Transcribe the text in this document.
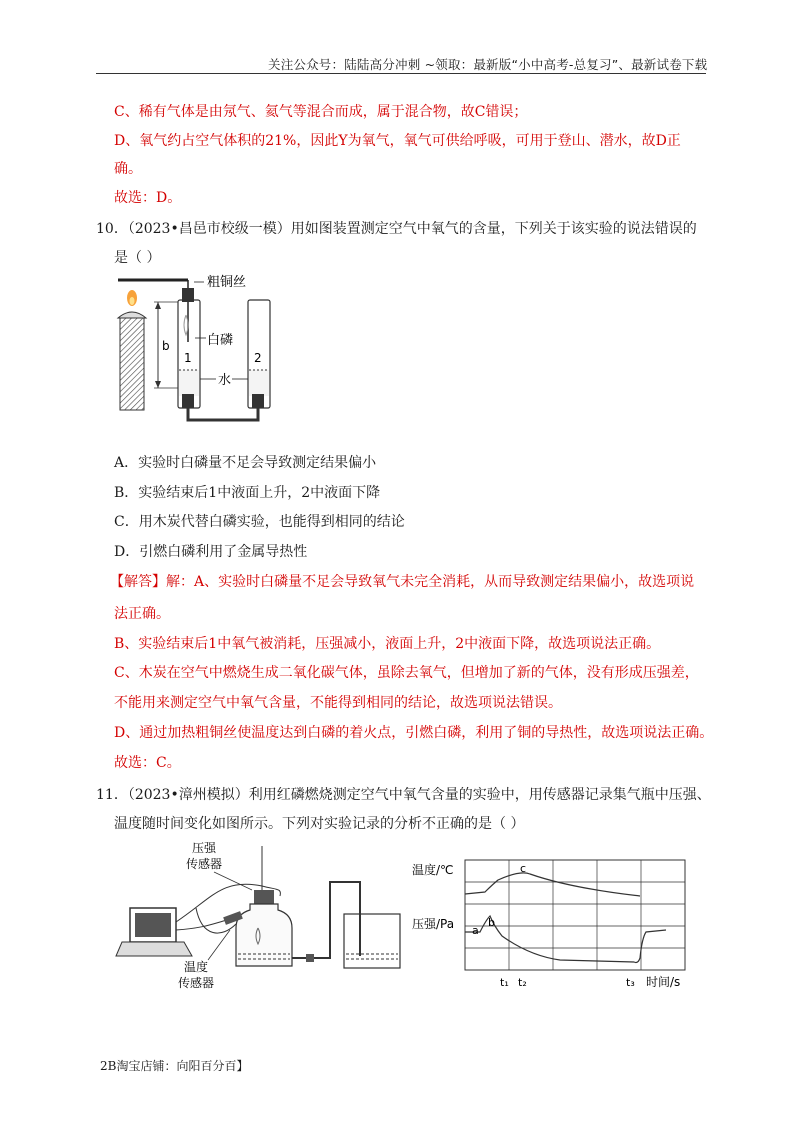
关注公众号：陆陆高分冲刺 ~领取：最新版“小中高考-总复习”、最新试卷下载
C、稀有气体是由氖气、氦气等混合而成，属于混合物，故C错误；
D、氧气约占空气体积的21%，因此Y为氧气，氧气可供给呼吸，可用于登山、潜水，故D正
确。
故选：D。
10．（2023•昌邑市校级一模）用如图装置测定空气中氧气的含量，下列关于该实验的说法错误的
是（ ）
粗铜丝
白磷
1	2
水
b
A．实验时白磷量不足会导致测定结果偏小
B．实验结束后1中液面上升，2中液面下降
C．用木炭代替白磷实验，也能得到相同的结论
D．引燃白磷利用了金属导热性
【解答】解：A、实验时白磷量不足会导致氧气未完全消耗，从而导致测定结果偏小，故选项说
法正确。
B、实验结束后1中氧气被消耗，压强减小，液面上升，2中液面下降，故选项说法正确。
C、木炭在空气中燃烧生成二氧化碳气体，虽除去氧气，但增加了新的气体，没有形成压强差，
不能用来测定空气中氧气含量，不能得到相同的结论，故选项说法错误。
D、通过加热粗铜丝使温度达到白磷的着火点，引燃白磷，利用了铜的导热性，故选项说法正确。
故选：C。
11．（2023•漳州模拟）利用红磷燃烧测定空气中氧气含量的实验中，用传感器记录集气瓶中压强、
温度随时间变化如图所示。下列对实验记录的分析不正确的是（ ）
压强
传感器
温度
传感器
温度/℃
压强/Pa a
b
c
t₁ t₂	t₃ 时间/s
2B淘宝店铺：向阳百分百】
